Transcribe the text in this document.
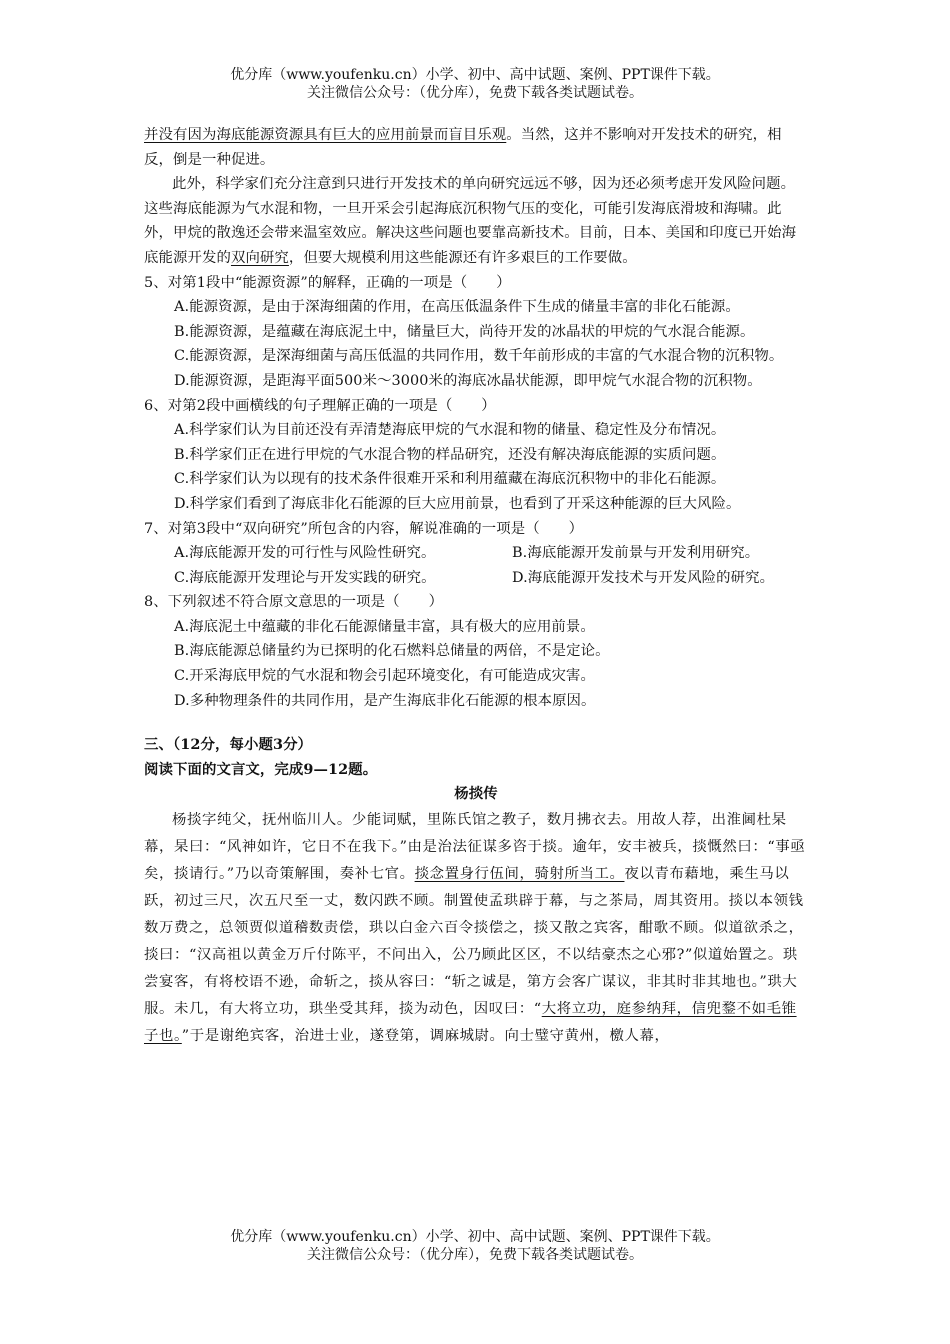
优分库（www.youfenku.cn）小学、初中、高中试题、案例、PPT课件下载。
关注微信公众号：（优分库），免费下载各类试题试卷。

并没有因为海底能源资源具有巨大的应用前景而盲目乐观。当然，这并不影响对开发技术的研究，相反，倒是一种促进。

此外，科学家们充分注意到只进行开发技术的单向研究远远不够，因为还必须考虑开发风险问题。这些海底能源为气水混和物，一旦开采会引起海底沉积物气压的变化，可能引发海底滑坡和海啸。此外，甲烷的散逸还会带来温室效应。解决这些问题也要靠高新技术。目前，日本、美国和印度已开始海底能源开发的双向研究，但要大规模利用这些能源还有许多艰巨的工作要做。

5、对第1段中“能源资源”的解释，正确的一项是（　　）

A.能源资源，是由于深海细菌的作用，在高压低温条件下生成的储量丰富的非化石能源。

B.能源资源，是蕴藏在海底泥土中，储量巨大，尚待开发的冰晶状的甲烷的气水混合能源。

C.能源资源，是深海细菌与高压低温的共同作用，数千年前形成的丰富的气水混合物的沉积物。

D.能源资源，是距海平面500米～3000米的海底冰晶状能源，即甲烷气水混合物的沉积物。

6、对第2段中画横线的句子理解正确的一项是（　　）

A.科学家们认为目前还没有弄清楚海底甲烷的气水混和物的储量、稳定性及分布情况。

B.科学家们正在进行甲烷的气水混合物的样品研究，还没有解决海底能源的实质问题。

C.科学家们认为以现有的技术条件很难开采和利用蕴藏在海底沉积物中的非化石能源。

D.科学家们看到了海底非化石能源的巨大应用前景，也看到了开采这种能源的巨大风险。

7、对第3段中“双向研究”所包含的内容，解说准确的一项是（　　）

A.海底能源开发的可行性与风险性研究。	B.海底能源开发前景与开发利用研究。
C.海底能源开发理论与开发实践的研究。	D.海底能源开发技术与开发风险的研究。

8、下列叙述不符合原文意思的一项是（　　）

A.海底泥土中蕴藏的非化石能源储量丰富，具有极大的应用前景。

B.海底能源总储量约为已探明的化石燃料总储量的两倍，不是定论。

C.开采海底甲烷的气水混和物会引起环境变化，有可能造成灾害。

D.多种物理条件的共同作用，是产生海底非化石能源的根本原因。

三、（12分，每小题3分）

阅读下面的文言文，完成9—12题。

杨掞传

杨掞字纯父，抚州临川人。少能词赋，里陈氏馆之教子，数月拂衣去。用故人荐，出淮阃杜杲幕，杲曰：“风神如许，它日不在我下。”由是治法征谋多咨于掞。逾年，安丰被兵，掞慨然曰：“事亟矣，掞请行。”乃以奇策解围，奏补七官。掞念置身行伍间，骑射所当工。夜以青布藉地，乘生马以跃，初过三尺，次五尺至一丈，数闪跌不顾。制置使孟珙辟于幕，与之茶局，周其资用。掞以本领钱数万费之，总领贾似道稽数责偿，珙以白金六百令掞偿之，掞又散之宾客，酣歌不顾。似道欲杀之，掞曰：“汉高祖以黄金万斤付陈平，不问出入，公乃顾此区区，不以结豪杰之心邪?”似道始置之。珙尝宴客，有将校语不逊，命斩之，掞从容曰：“斩之诚是，第方会客广谋议，非其时非其地也。”珙大服。未几，有大将立功，珙坐受其拜，掞为动色，因叹曰：“大将立功，庭参纳拜，信兜鍪不如毛锥子也。”于是谢绝宾客，治进士业，遂登第，调麻城尉。向士璧守黄州，檄人幕，

优分库（www.youfenku.cn）小学、初中、高中试题、案例、PPT课件下载。
关注微信公众号：（优分库），免费下载各类试题试卷。
